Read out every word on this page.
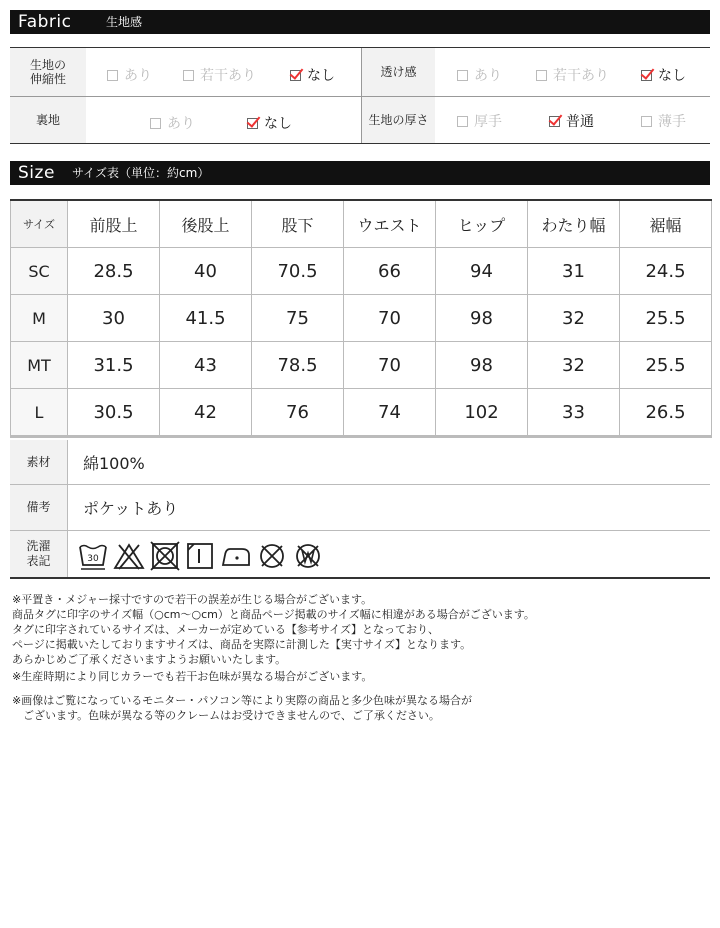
Fabric	生地感
生地の
伸縮性	あり	若干あり	なし	透け感	あり	若干あり	なし
裏地	あり	なし	生地の厚さ	厚手	普通	薄手
Size サイズ表（単位：約cm）
サイズ	前股上	後股上	股下	ウエスト	ヒップ	わたり幅	裾幅
SC	28.5	40	70.5	66	94	31	24.5
M	30	41.5	75	70	98	32	25.5
MT	31.5	43	78.5	70	98	32	25.5
L	30.5	42	76	74	102	33	26.5
素材	綿100%
備考	ポケットあり
洗濯
表記	30
※平置き・メジャー採寸ですので若干の誤差が生じる場合がございます。
商品タグに印字のサイズ幅（○cm〜○cm）と商品ページ掲載のサイズ幅に相違がある場合がございます。
タグに印字されているサイズは、メーカーが定めている【参考サイズ】となっており、
ページに掲載いたしておりますサイズは、商品を実際に計測した【実寸サイズ】となります。
あらかじめご了承くださいますようお願いいたします。
※生産時期により同じカラーでも若干お色味が異なる場合がございます。
※画像はご覧になっているモニター・パソコン等により実際の商品と多少色味が異なる場合が
　ございます。色味が異なる等のクレームはお受けできませんので、ご了承ください。
